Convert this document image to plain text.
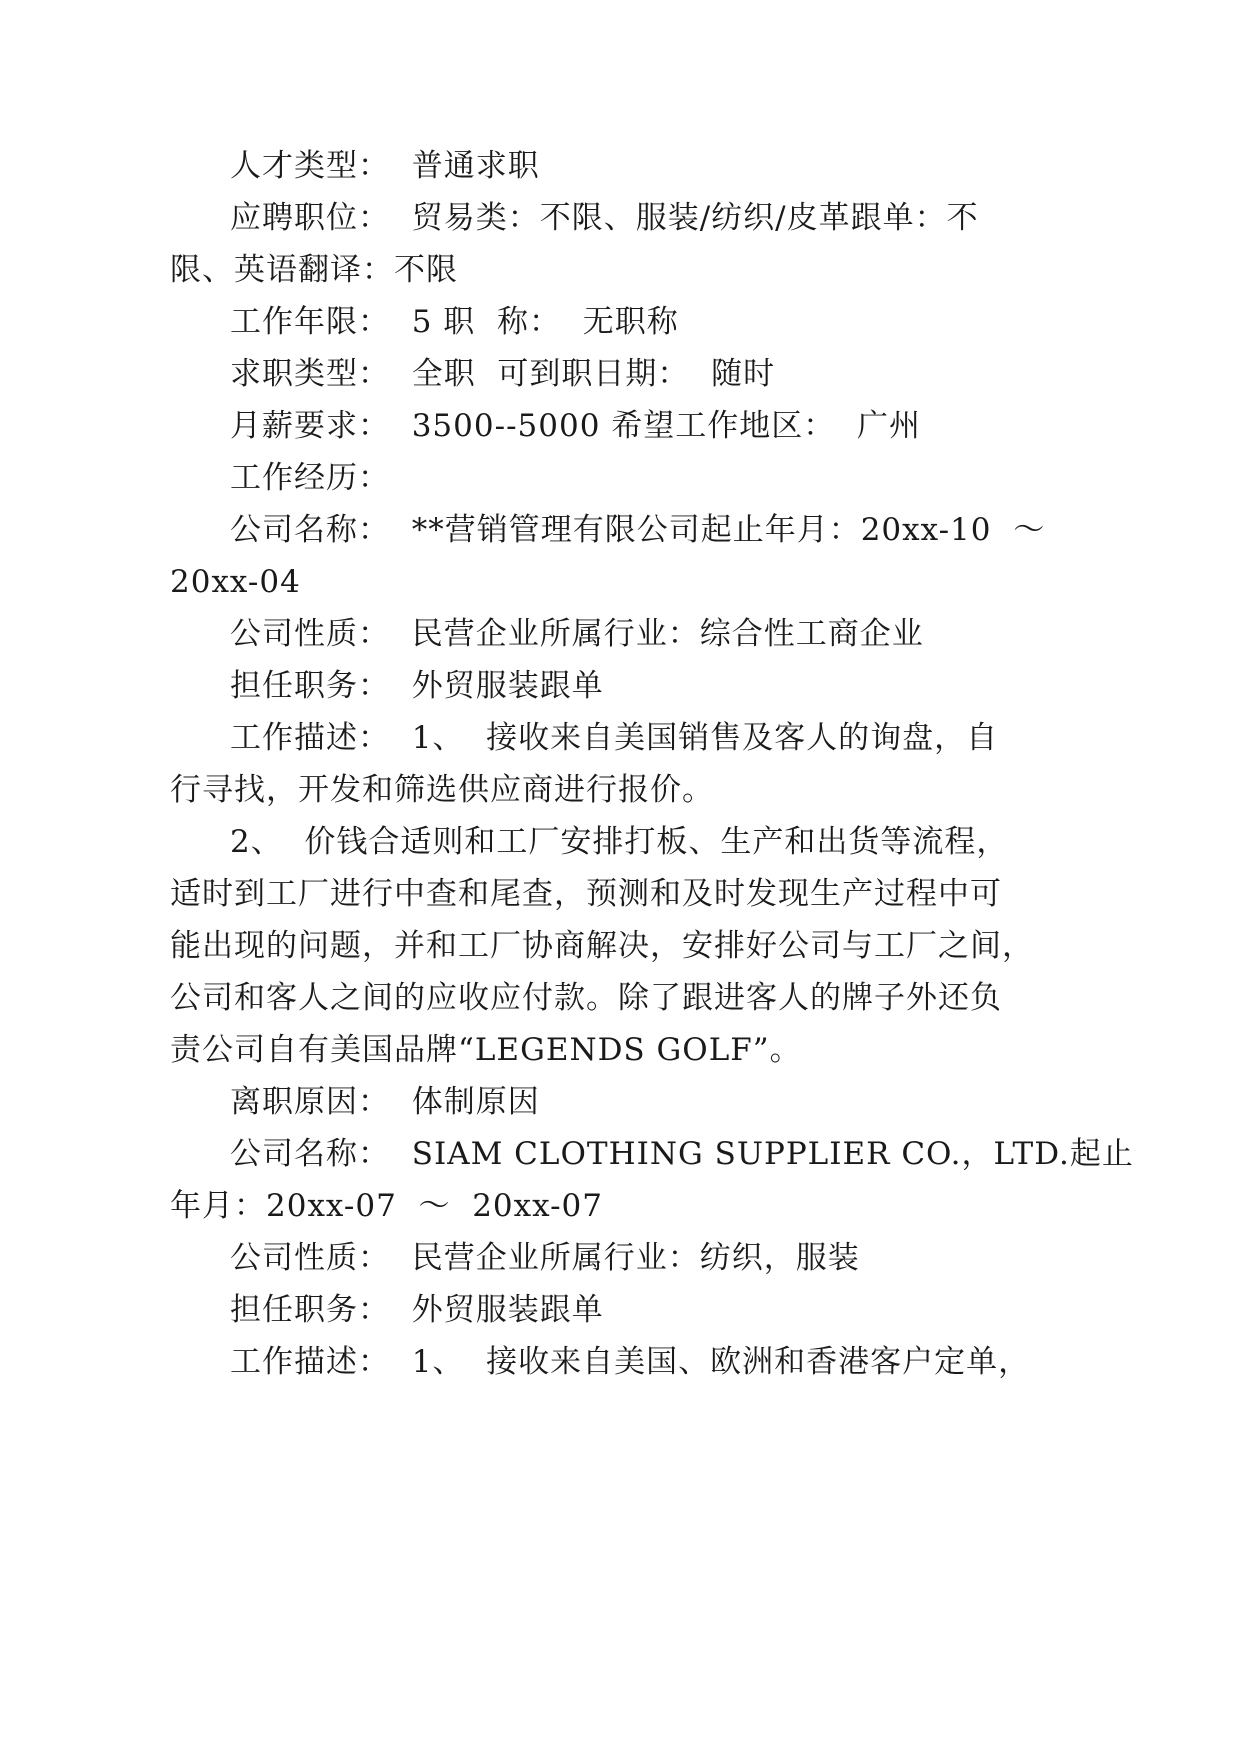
人才类型：  普通求职
应聘职位：  贸易类：不限、服装/纺织/皮革跟单：不
限、英语翻译：不限
工作年限：  5 职  称：  无职称
求职类型：  全职  可到职日期：  随时
月薪要求：  3500--5000 希望工作地区：  广州
工作经历：
公司名称：  **营销管理有限公司起止年月：20xx-10  ～
20xx-04
公司性质：  民营企业所属行业：综合性工商企业
担任职务：  外贸服装跟单
工作描述：  1、  接收来自美国销售及客人的询盘，自
行寻找，开发和筛选供应商进行报价。
2、  价钱合适则和工厂安排打板、生产和出货等流程，
适时到工厂进行中查和尾查，预测和及时发现生产过程中可
能出现的问题，并和工厂协商解决，安排好公司与工厂之间，
公司和客人之间的应收应付款。除了跟进客人的牌子外还负
责公司自有美国品牌“LEGENDS GOLF”。
离职原因：  体制原因
公司名称：  SIAM CLOTHING SUPPLIER CO.，LTD.起止
年月：20xx-07  ～  20xx-07
公司性质：  民营企业所属行业：纺织，服装
担任职务：  外贸服装跟单
工作描述：  1、  接收来自美国、欧洲和香港客户定单，
